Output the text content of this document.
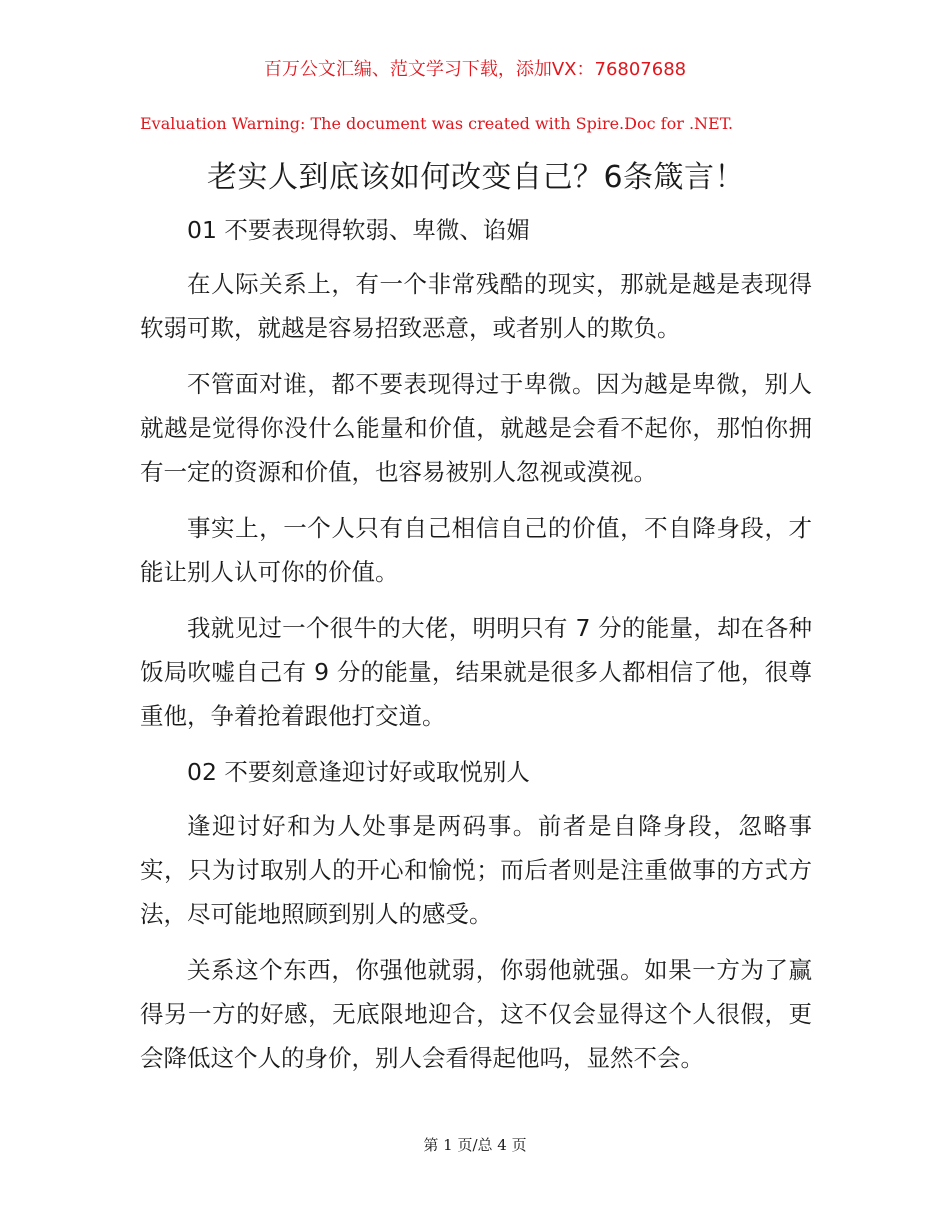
百万公文汇编、范文学习下载，添加VX：76807688
Evaluation Warning: The document was created with Spire.Doc for .NET.
老实人到底该如何改变自己？6条箴言！

01 不要表现得软弱、卑微、谄媚

在人际关系上，有一个非常残酷的现实，那就是越是表现得软弱可欺，就越是容易招致恶意，或者别人的欺负。

不管面对谁，都不要表现得过于卑微。因为越是卑微，别人就越是觉得你没什么能量和价值，就越是会看不起你，那怕你拥有一定的资源和价值，也容易被别人忽视或漠视。

事实上，一个人只有自己相信自己的价值，不自降身段，才能让别人认可你的价值。

我就见过一个很牛的大佬，明明只有 7 分的能量，却在各种饭局吹嘘自己有 9 分的能量，结果就是很多人都相信了他，很尊重他，争着抢着跟他打交道。

02 不要刻意逢迎讨好或取悦别人

逢迎讨好和为人处事是两码事。前者是自降身段，忽略事实，只为讨取别人的开心和愉悦；而后者则是注重做事的方式方法，尽可能地照顾到别人的感受。

关系这个东西，你强他就弱，你弱他就强。如果一方为了赢得另一方的好感，无底限地迎合，这不仅会显得这个人很假，更会降低这个人的身价，别人会看得起他吗，显然不会。

第 1 页/总 4 页
